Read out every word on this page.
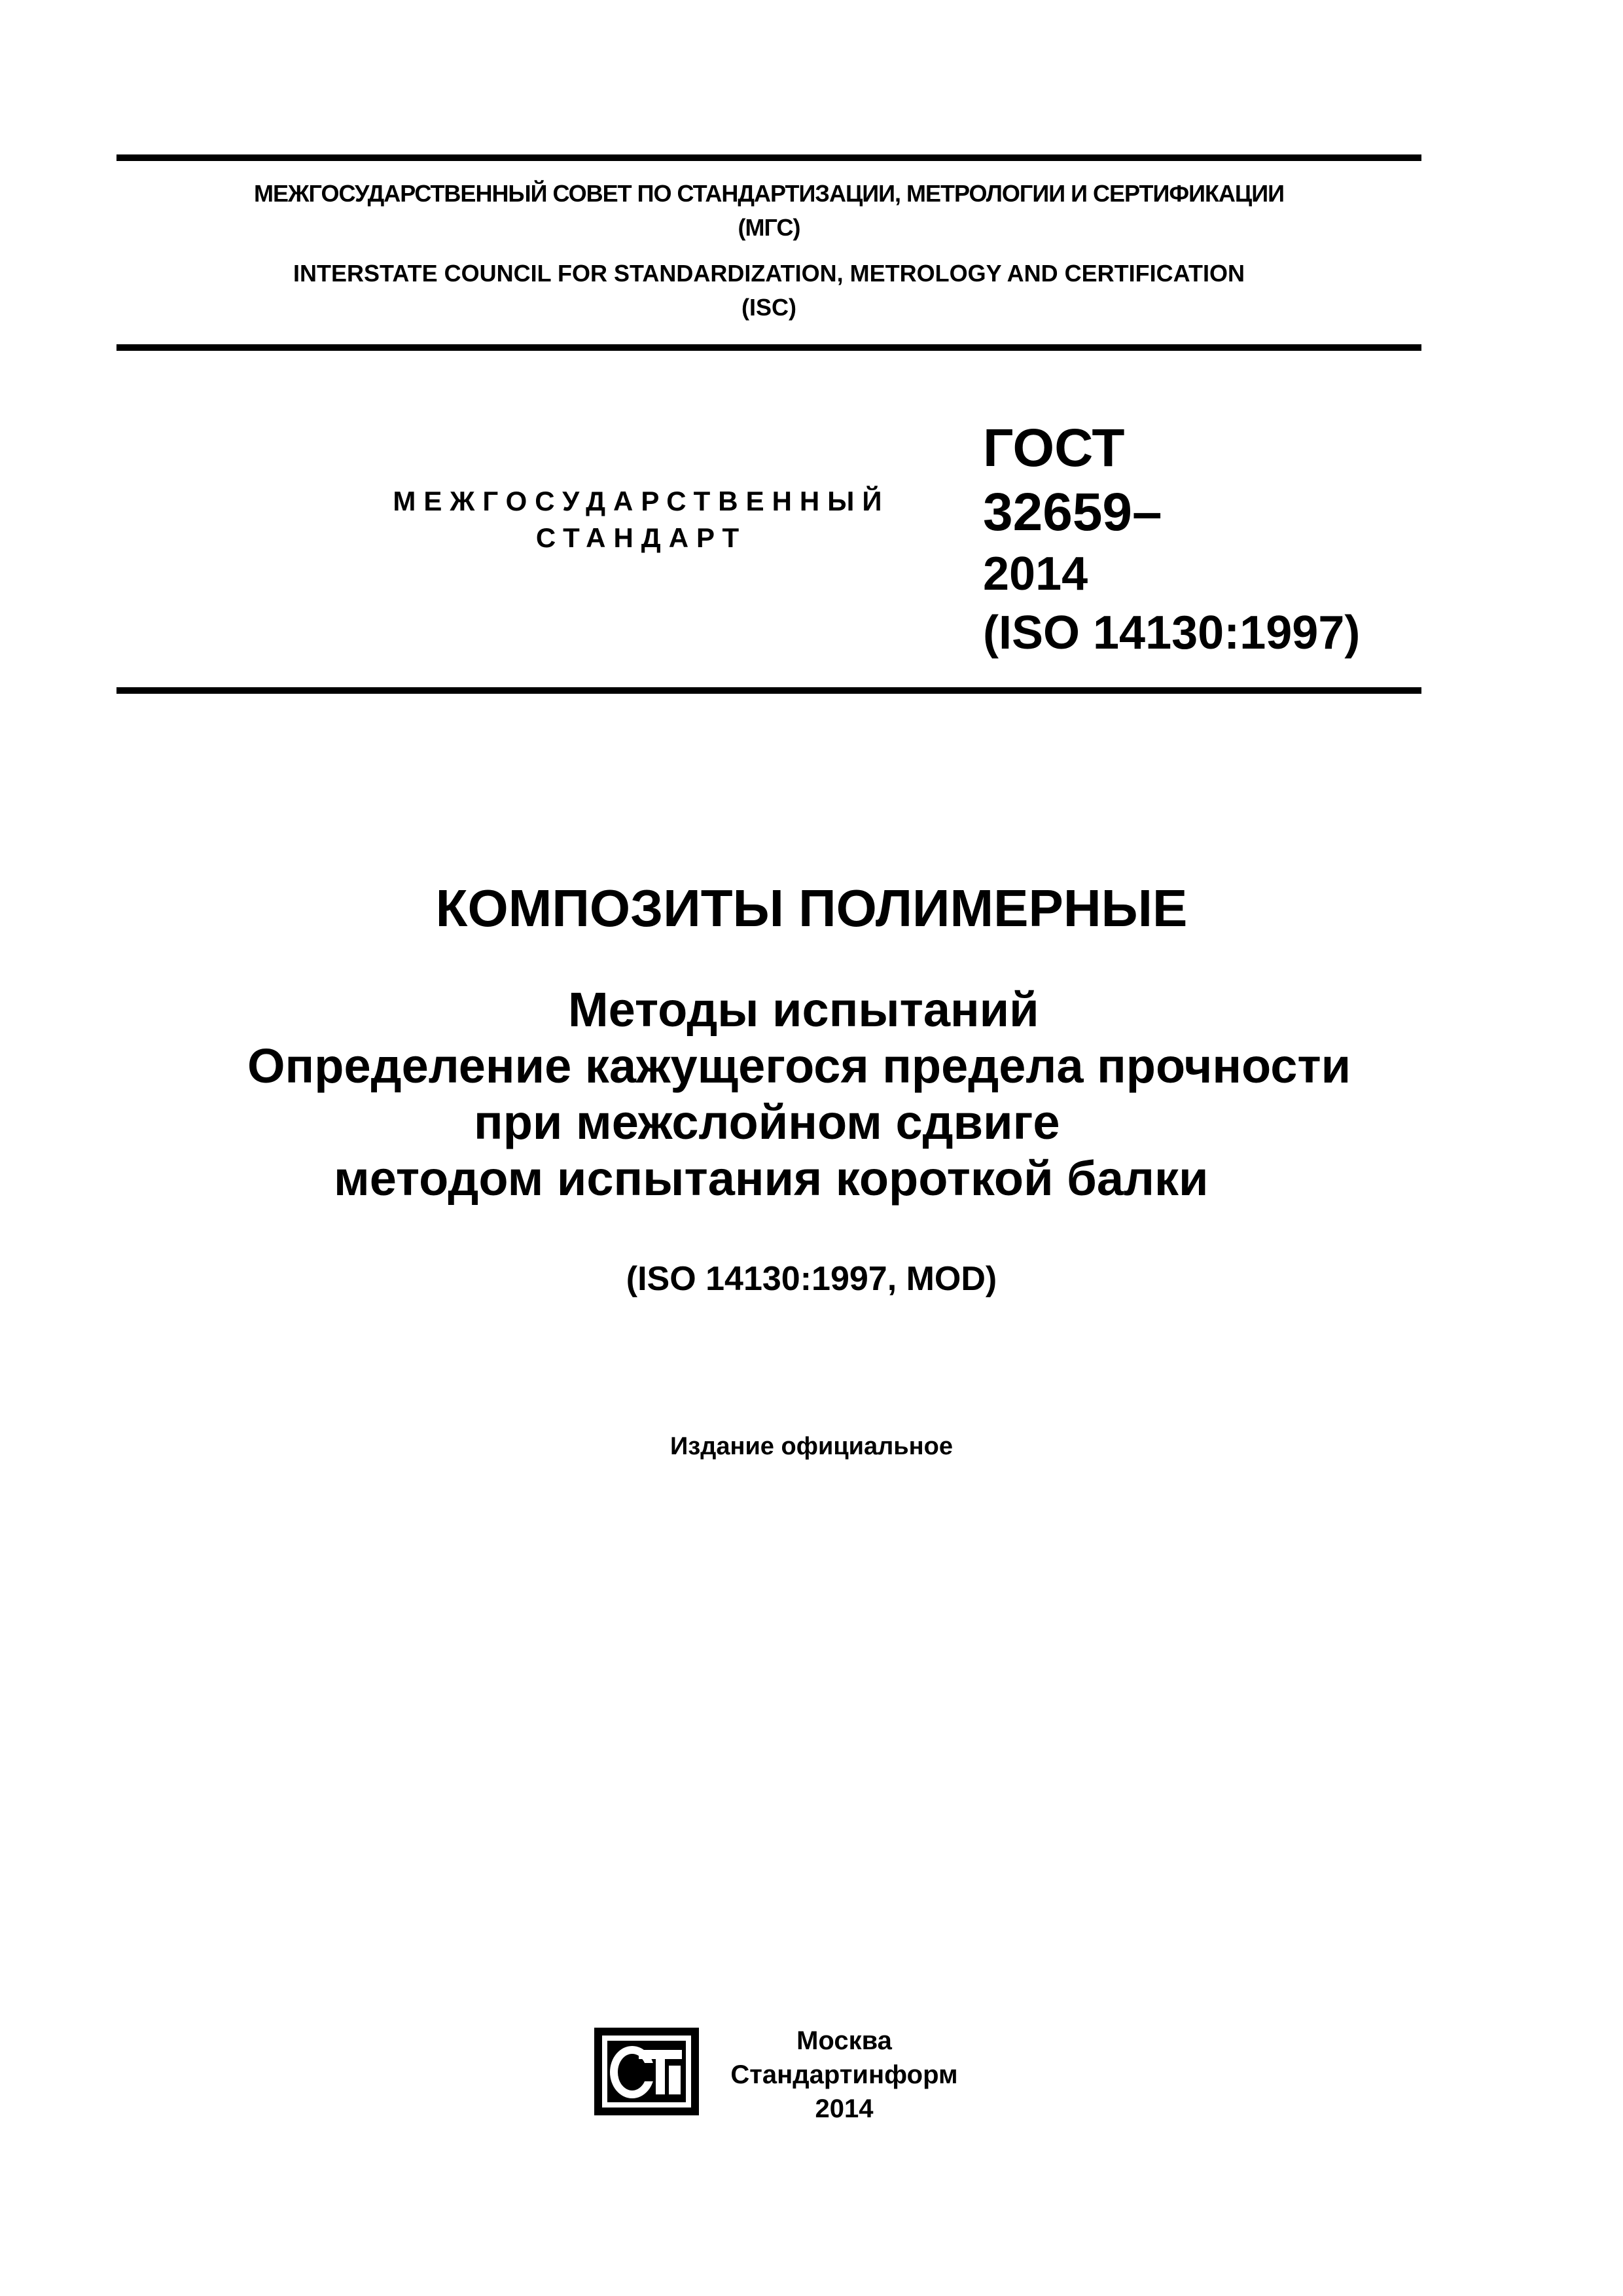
МЕЖГОСУДАРСТВЕННЫЙ СОВЕТ ПО СТАНДАРТИЗАЦИИ, МЕТРОЛОГИИ И СЕРТИФИКАЦИИ
(МГС)
INTERSTATE COUNCIL FOR STANDARDIZATION, METROLOGY AND CERTIFICATION
(ISC)
МЕЖГОСУДАРСТВЕННЫЙ
СТАНДАРТ
ГОСТ
32659–
2014
(ISO 14130:1997)
КОМПОЗИТЫ ПОЛИМЕРНЫЕ
Методы испытаний
Определение кажущегося предела прочности
при межслойном сдвиге
методом испытания короткой балки
(ISO 14130:1997, MOD)
Издание официальное
СТИ
Москва
Стандартинформ
2014
